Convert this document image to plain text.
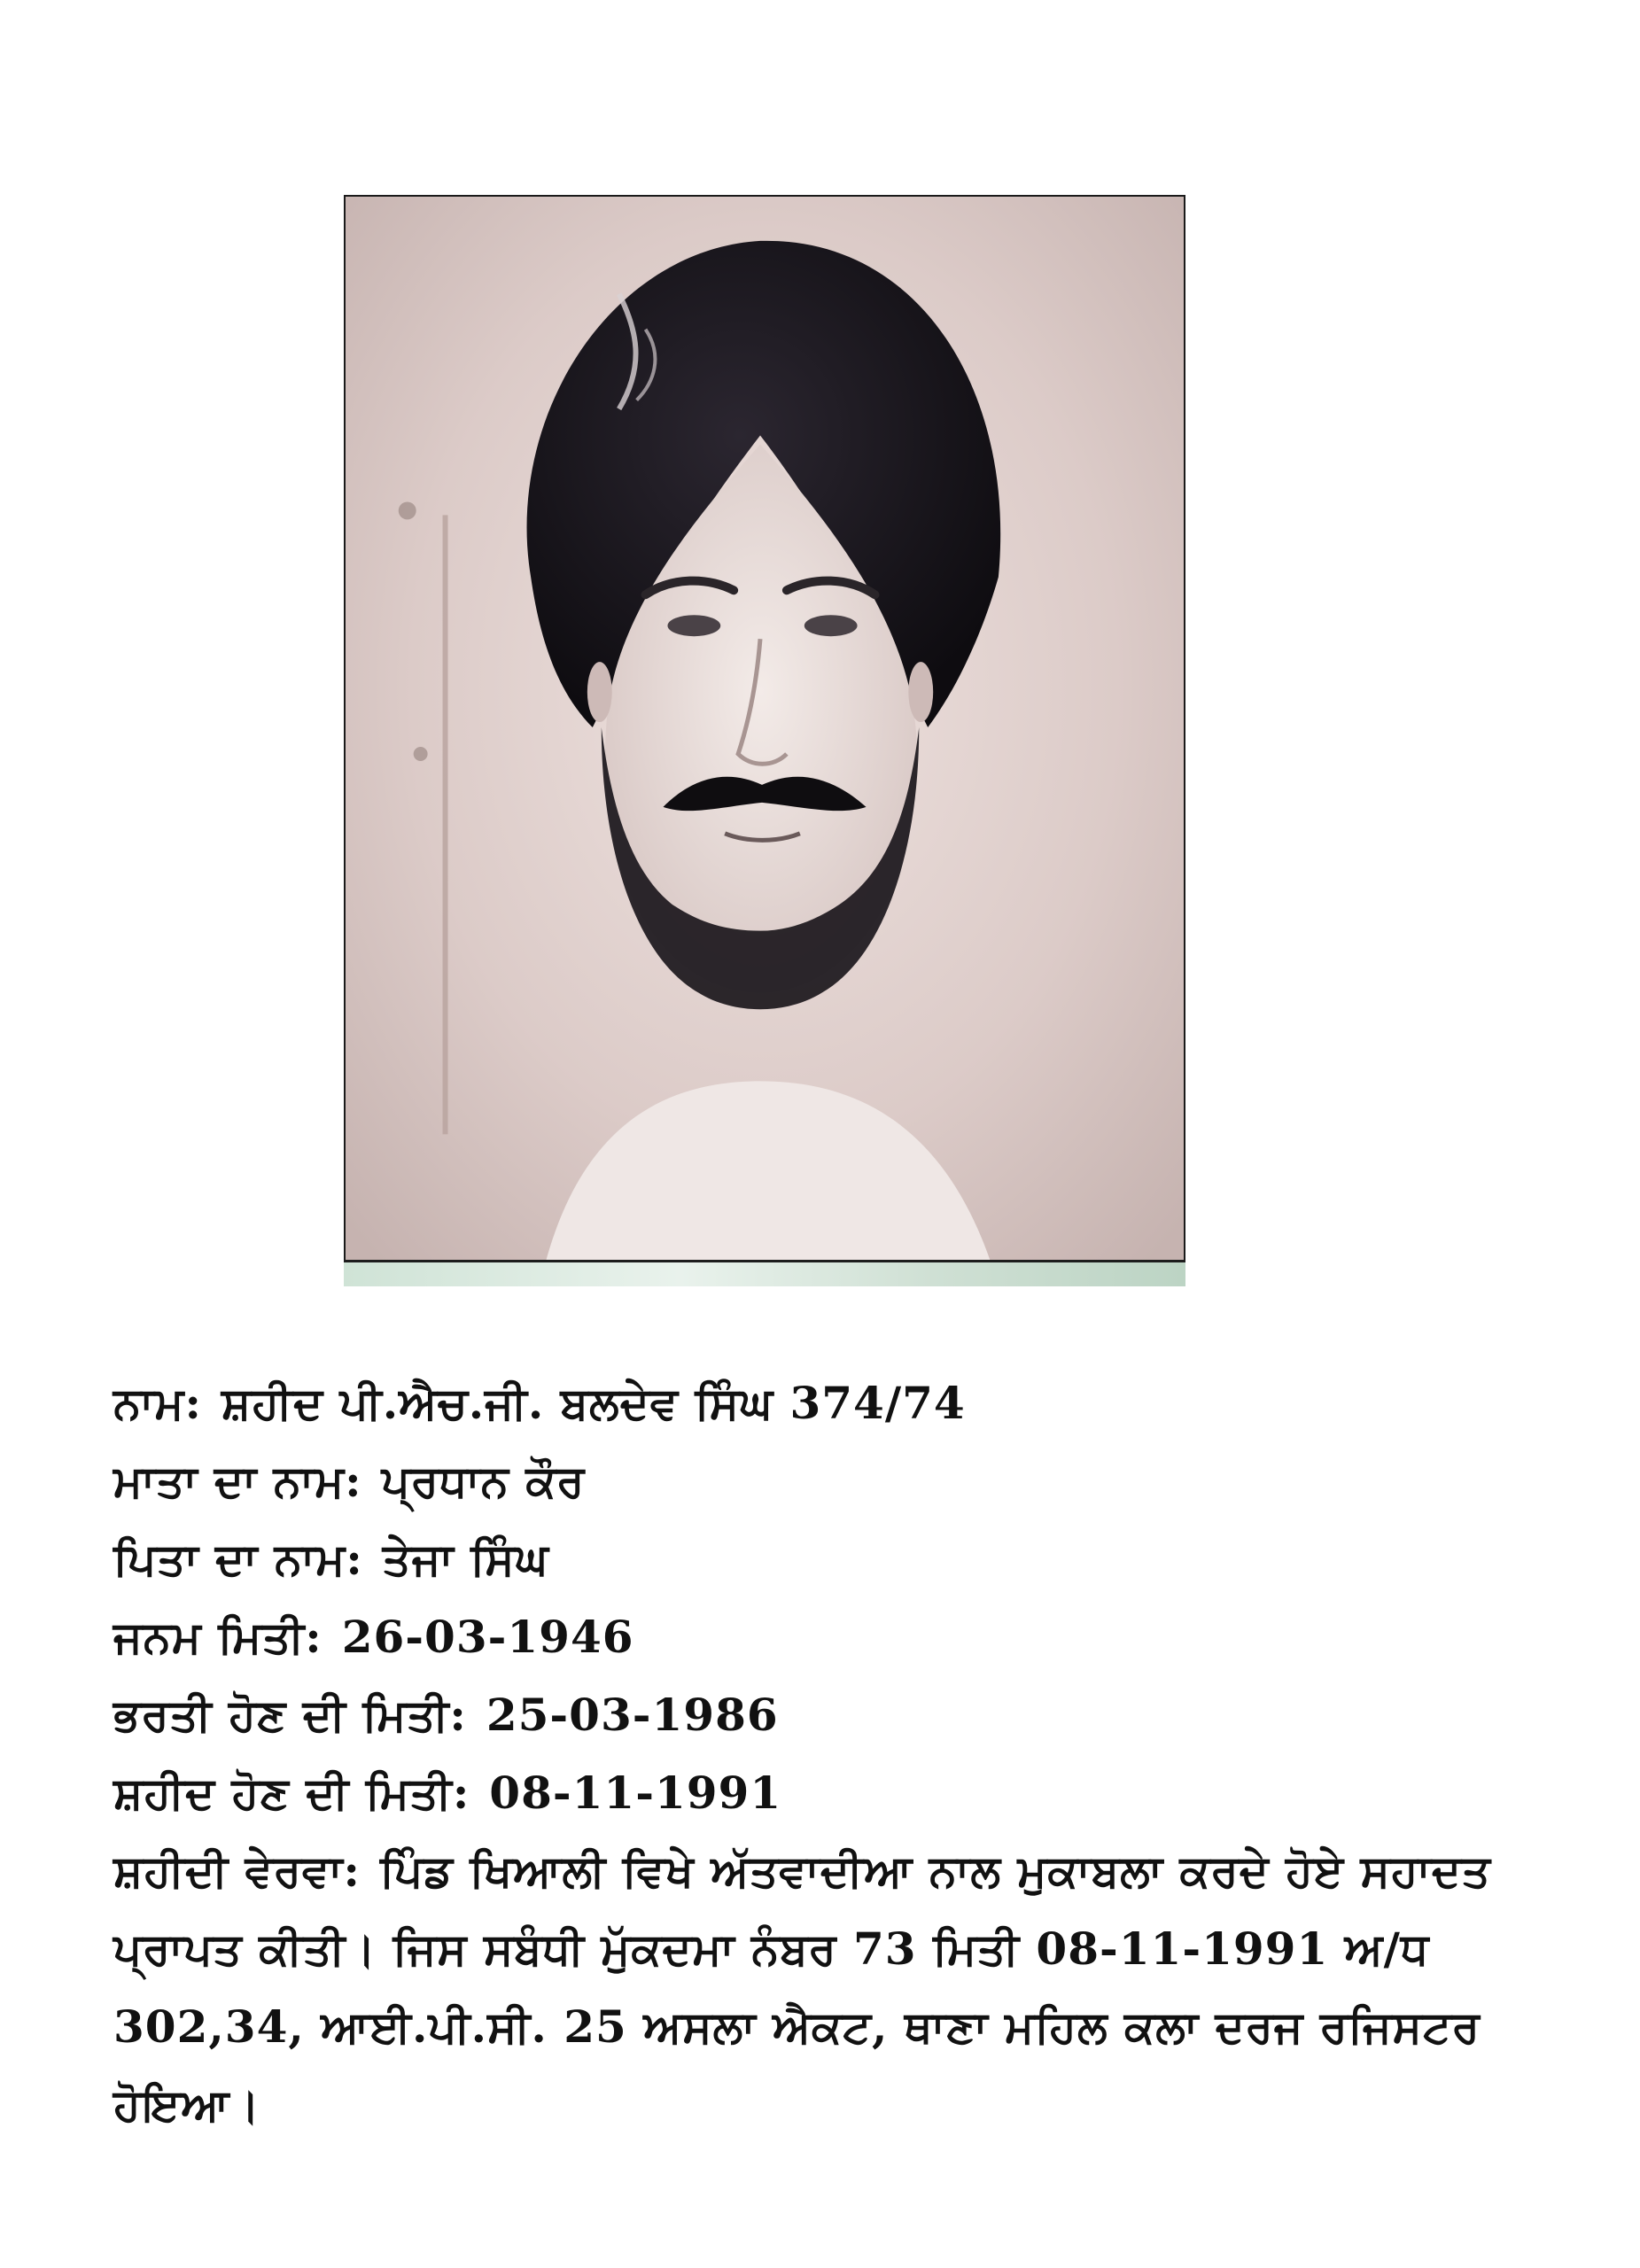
ਨਾਮ: ਸ਼ਹੀਦ ਪੀ.ਐਚ.ਜੀ. ਬਲਦੇਵ ਸਿੰਘ 374/74
ਮਾਤਾ ਦਾ ਨਾਮ: ਪ੍ਰਧਾਨ ਕੌਰ
ਪਿਤਾ ਦਾ ਨਾਮ: ਤੇਜਾ ਸਿੰਘ
ਜਨਮ ਮਿਤੀ: 26-03-1946
ਭਰਤੀ ਹੋਣ ਦੀ ਮਿਤੀ: 25-03-1986
ਸ਼ਹੀਦ ਹੋਣ ਦੀ ਮਿਤੀ: 08-11-1991
ਸ਼ਹੀਦੀ ਵੇਰਵਾ: ਪਿੰਡ ਖਿਆਲੀ ਵਿਖੇ ਅੱਤਵਾਦੀਆ ਨਾਲ ਮੁਕਾਬਲਾ ਕਰਦੇ ਹੋਏ ਸਹਾਦਤ ਪ੍ਰਾਪਤ ਕੀਤੀ। ਜਿਸ ਸਬੰਧੀ ਮੁੱਕਦਮਾ ਨੰਬਰ 73 ਮਿਤੀ 08-11-1991 ਅ/ਧ 302,34, ਆਈ.ਪੀ.ਸੀ. 25 ਅਸਲਾ ਐਕਟ, ਥਾਣਾ ਮਹਿਲ ਕਲਾ ਦਰਜ ਰਜਿਸਟਰ ਹੋਇਆ।
